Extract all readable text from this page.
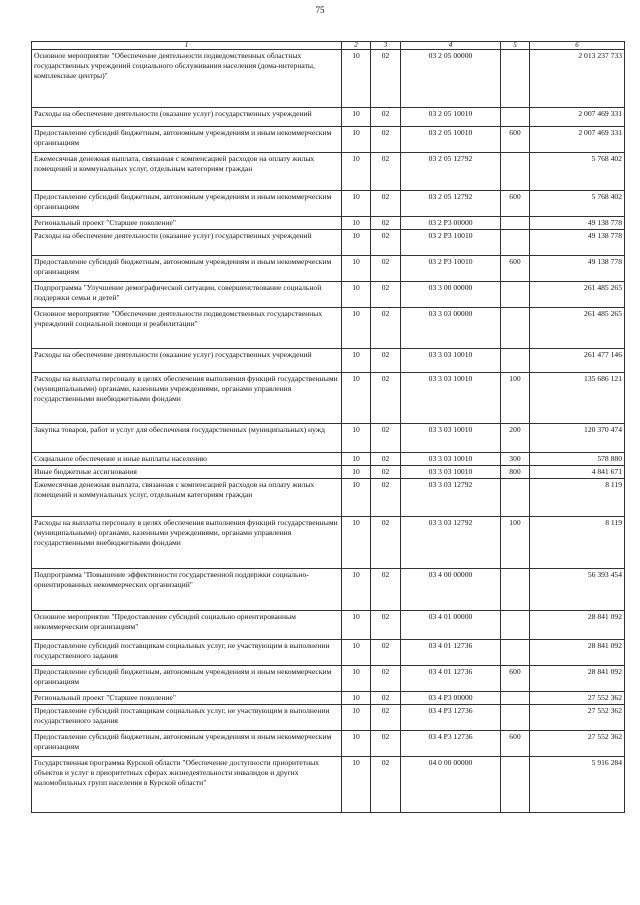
75
1	2	3	4	5	6
Основное мероприятие "Обеспечение деятельности подведомственных областных государственных учреждений социального обслуживания населения (дома-интернаты, комплексные центры)"	10	02	03 2 05 00000		2 013 237 733
Расходы на обеспечение деятельности (оказание услуг) государственных учреждений	10	02	03 2 05 10010		2 007 469 331
Предоставление субсидий бюджетным, автономным учреждениям и иным некоммерческим организациям	10	02	03 2 05 10010	600	2 007 469 331
Ежемесячная денежная выплата, связанная с компенсацией расходов на оплату жилых помещений и коммунальных услуг, отдельным категориям граждан	10	02	03 2 05 12792		5 768 402
Предоставление субсидий бюджетным, автономным учреждениям и иным некоммерческим организациям	10	02	03 2 05 12792	600	5 768 402
Региональный проект "Старшее поколение"	10	02	03 2 P3 00000		49 138 778
Расходы на обеспечение деятельности (оказание услуг) государственных учреждений	10	02	03 2 P3 10010		49 138 778
Предоставление субсидий бюджетным, автономным учреждениям и иным некоммерческим организациям	10	02	03 2 P3 10010	600	49 138 778
Подпрограмма "Улучшение демографической ситуации, совершенствование социальной поддержки семьи и детей"	10	02	03 3 00 00000		261 485 265
Основное мероприятие "Обеспечение деятельности подведомственных государственных учреждений социальной помощи и реабилитации"	10	02	03 3 03 00000		261 485 265
Расходы на обеспечение деятельности (оказание услуг) государственных учреждений	10	02	03 3 03 10010		261 477 146
Расходы на выплаты персоналу в целях обеспечения выполнения функций государственными (муниципальными) органами, казенными учреждениями, органами управления государственными внебюджетными фондами	10	02	03 3 03 10010	100	135 686 121
Закупка товаров, работ и услуг для обеспечения государственных (муниципальных) нужд	10	02	03 3 03 10010	200	120 370 474
Социальное обеспечение и иные выплаты населению	10	02	03 3 03 10010	300	578 880
Иные бюджетные ассигнования	10	02	03 3 03 10010	800	4 841 671
Ежемесячная денежная выплата, связанная с компенсацией расходов на оплату жилых помещений и коммунальных услуг, отдельным категориям граждан	10	02	03 3 03 12792		8 119
Расходы на выплаты персоналу в целях обеспечения выполнения функций государственными (муниципальными) органами, казенными учреждениями, органами управления государственными внебюджетными фондами	10	02	03 3 03 12792	100	8 119
Подпрограмма "Повышение эффективности государственной поддержки социально-ориентированных некоммерческих организаций"	10	02	03 4 00 00000		56 393 454
Основное мероприятие "Предоставление субсидий социально ориентированным некоммерческим организациям"	10	02	03 4 01 00000		28 841 092
Предоставление субсидий поставщикам социальных услуг, не участвующим в выполнении государственного задания	10	02	03 4 01 12736		28 841 092
Предоставление субсидий бюджетным, автономным учреждениям и иным некоммерческим организациям	10	02	03 4 01 12736	600	28 841 092
Региональный проект "Старшее поколение"	10	02	03 4 P3 00000		27 552 362
Предоставление субсидий поставщикам социальных услуг, не участвующим в выполнении государственного задания	10	02	03 4 P3 12736		27 552 362
Предоставление субсидий бюджетным, автономным учреждениям и иным некоммерческим организациям	10	02	03 4 P3 12736	600	27 552 362
Государственная программа Курской области "Обеспечение доступности приоритетных объектов и услуг в приоритетных сферах жизнедеятельности инвалидов и других маломобильных групп населения в Курской области"	10	02	04 0 00 00000		5 916 284
